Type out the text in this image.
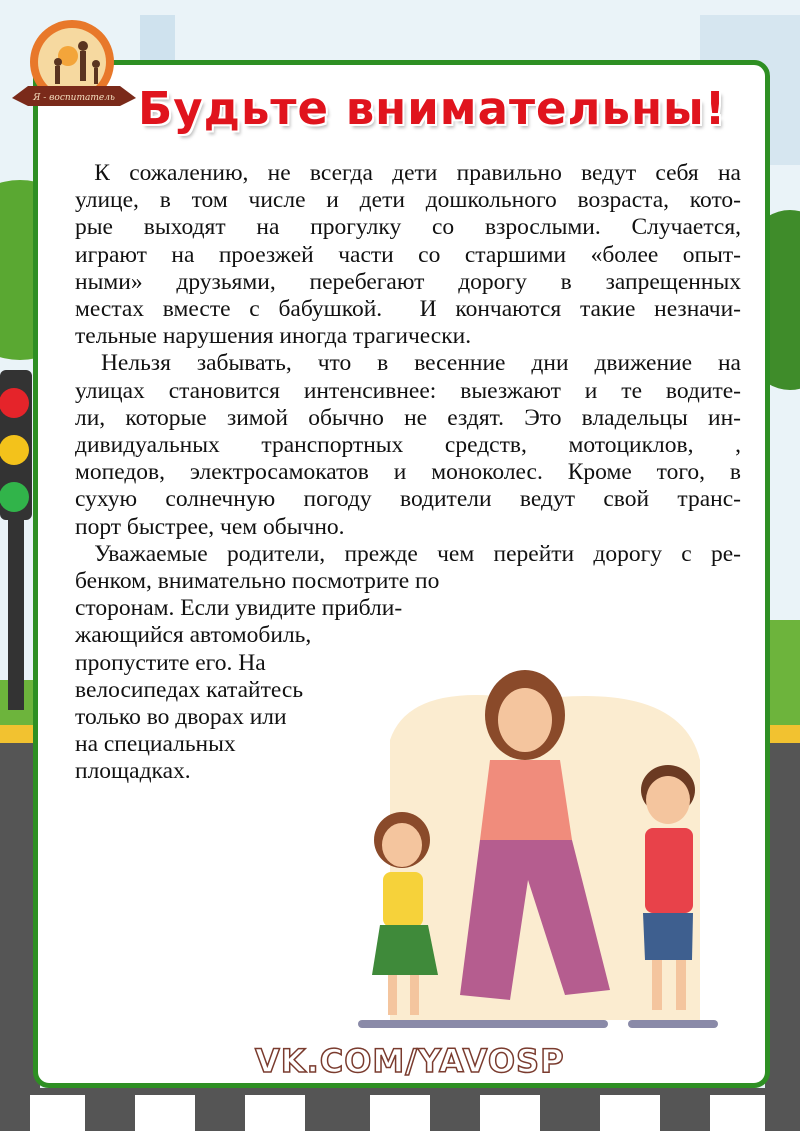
Я - воспитатель Будьте внимательны!
К сожалению, не всегда дети правильно ведут себя на
улице, в том числе и дети дошкольного возраста, кото-
рые выходят на прогулку со взрослыми. Случается,
играют на проезжей части со старшими «более опыт-
ными» друзьями, перебегают дорогу в запрещенных
местах вместе с бабушкой.  И кончаются такие незначи-
тельные нарушения иногда трагически.
Нельзя забывать, что в весенние дни движение на
улицах становится интенсивнее: выезжают и те водите-
ли, которые зимой обычно не ездят. Это владельцы ин-
дивидуальных транспортных средств, мотоциклов, ,
мопедов, электросамокатов и моноколес. Кроме того, в
сухую солнечную погоду водители ведут свой транс-
порт быстрее, чем обычно.
Уважаемые родители, прежде чем перейти дорогу с ре-
бенком, внимательно посмотрите по
сторонам. Если увидите прибли-
жающийся автомобиль,
пропустите его. На
велосипедах катайтесь
только во дворах или
на специальных
площадках.
VK.COM/YAVOSP
